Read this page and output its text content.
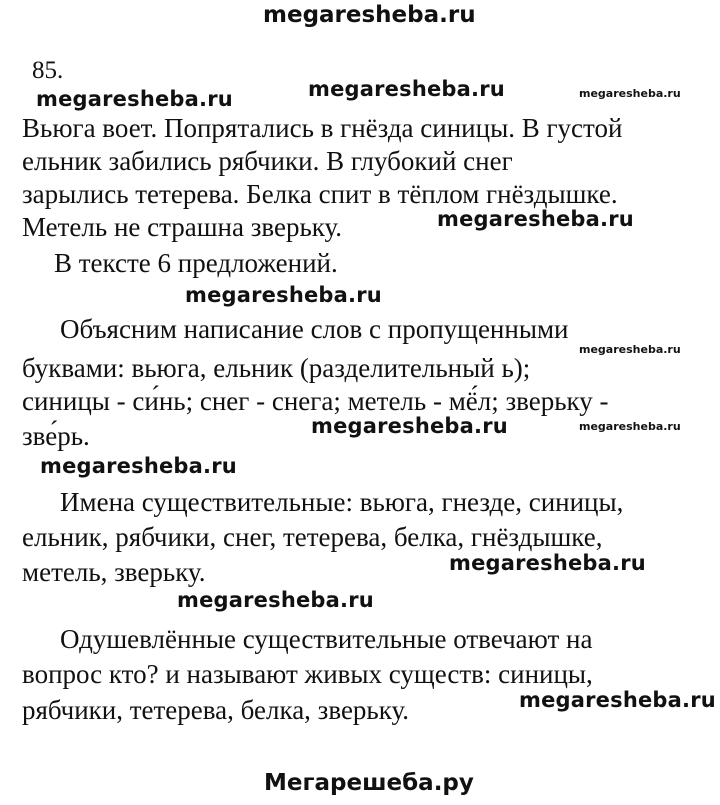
megaresheba.ru
85.
megaresheba.ru	megaresheba.ru	megaresheba.ru
Вьюга воет. Попрятались в гнёзда синицы. В густой
ельник забились рябчики. В глубокий снег
зарылись тетерева. Белка спит в тёплом гнёздышке.
Метель не страшна зверьку.	megaresheba.ru
В тексте 6 предложений.
megaresheba.ru
Объясним написание слов с пропущенными
буквами: вьюга, ельник (разделительный ь);
синицы - си́нь; снег - снега; метель - мё́л; зверьку -
зве́рь.
megaresheba.ru
megaresheba.ru	megaresheba.ru
megaresheba.ru
Имена существительные: вьюга, гнезде, синицы,
ельник, рябчики, снег, тетерева, белка, гнёздышке,
метель, зверьку.	megaresheba.ru
megaresheba.ru
Одушевлённые существительные отвечают на
вопрос кто? и называют живых существ: синицы,
рябчики, тетерева, белка, зверьку.	megaresheba.ru
Мегарешеба.ру
